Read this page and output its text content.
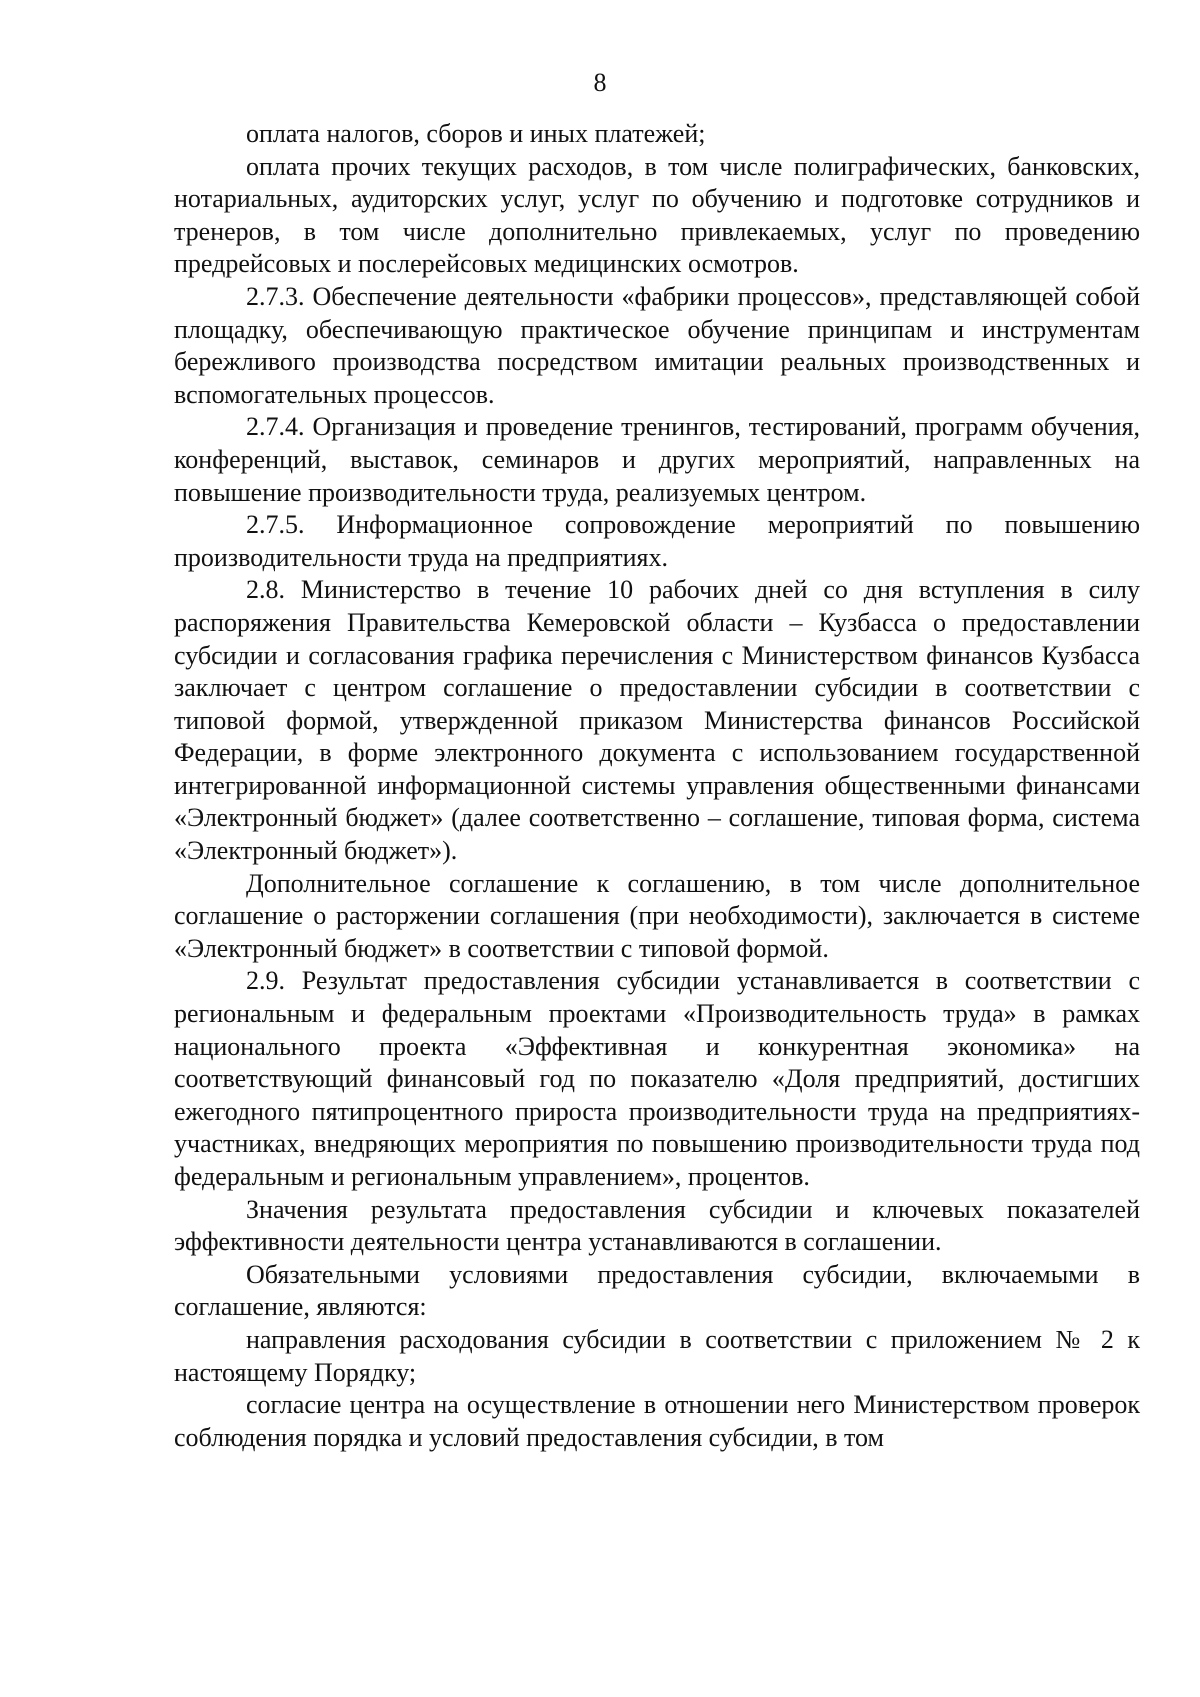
8

оплата налогов, сборов и иных платежей;

оплата прочих текущих расходов, в том числе полиграфических, банковских, нотариальных, аудиторских услуг, услуг по обучению и подготовке сотрудников и тренеров, в том числе дополнительно привлекаемых, услуг по проведению предрейсовых и послерейсовых медицинских осмотров.

2.7.3. Обеспечение деятельности «фабрики процессов», представляющей собой площадку, обеспечивающую практическое обучение принципам и инструментам бережливого производства посредством имитации реальных производственных и вспомогательных процессов.

2.7.4. Организация и проведение тренингов, тестирований, программ обучения, конференций, выставок, семинаров и других мероприятий, направленных на повышение производительности труда, реализуемых центром.

2.7.5. Информационное сопровождение мероприятий по повышению производительности труда на предприятиях.

2.8. Министерство в течение 10 рабочих дней со дня вступления в силу распоряжения Правительства Кемеровской области – Кузбасса о предоставлении субсидии и согласования графика перечисления с Министерством финансов Кузбасса заключает с центром соглашение о предоставлении субсидии в соответствии с типовой формой, утвержденной приказом Министерства финансов Российской Федерации, в форме электронного документа с использованием государственной интегрированной информационной системы управления общественными финансами «Электронный бюджет» (далее соответственно – соглашение, типовая форма, система «Электронный бюджет»).

Дополнительное соглашение к соглашению, в том числе дополнительное соглашение о расторжении соглашения (при необходимости), заключается в системе «Электронный бюджет» в соответствии с типовой формой.

2.9. Результат предоставления субсидии устанавливается в соответствии с региональным и федеральным проектами «Производительность труда» в рамках национального проекта «Эффективная и конкурентная экономика» на соответствующий финансовый год по показателю «Доля предприятий, достигших ежегодного пятипроцентного прироста производительности труда на предприятиях-участниках, внедряющих мероприятия по повышению производительности труда под федеральным и региональным управлением», процентов.

Значения результата предоставления субсидии и ключевых показателей эффективности деятельности центра устанавливаются в соглашении.

Обязательными условиями предоставления субсидии, включаемыми в соглашение, являются:

направления расходования субсидии в соответствии с приложением № 2 к настоящему Порядку;

согласие центра на осуществление в отношении него Министерством проверок соблюдения порядка и условий предоставления субсидии, в том
